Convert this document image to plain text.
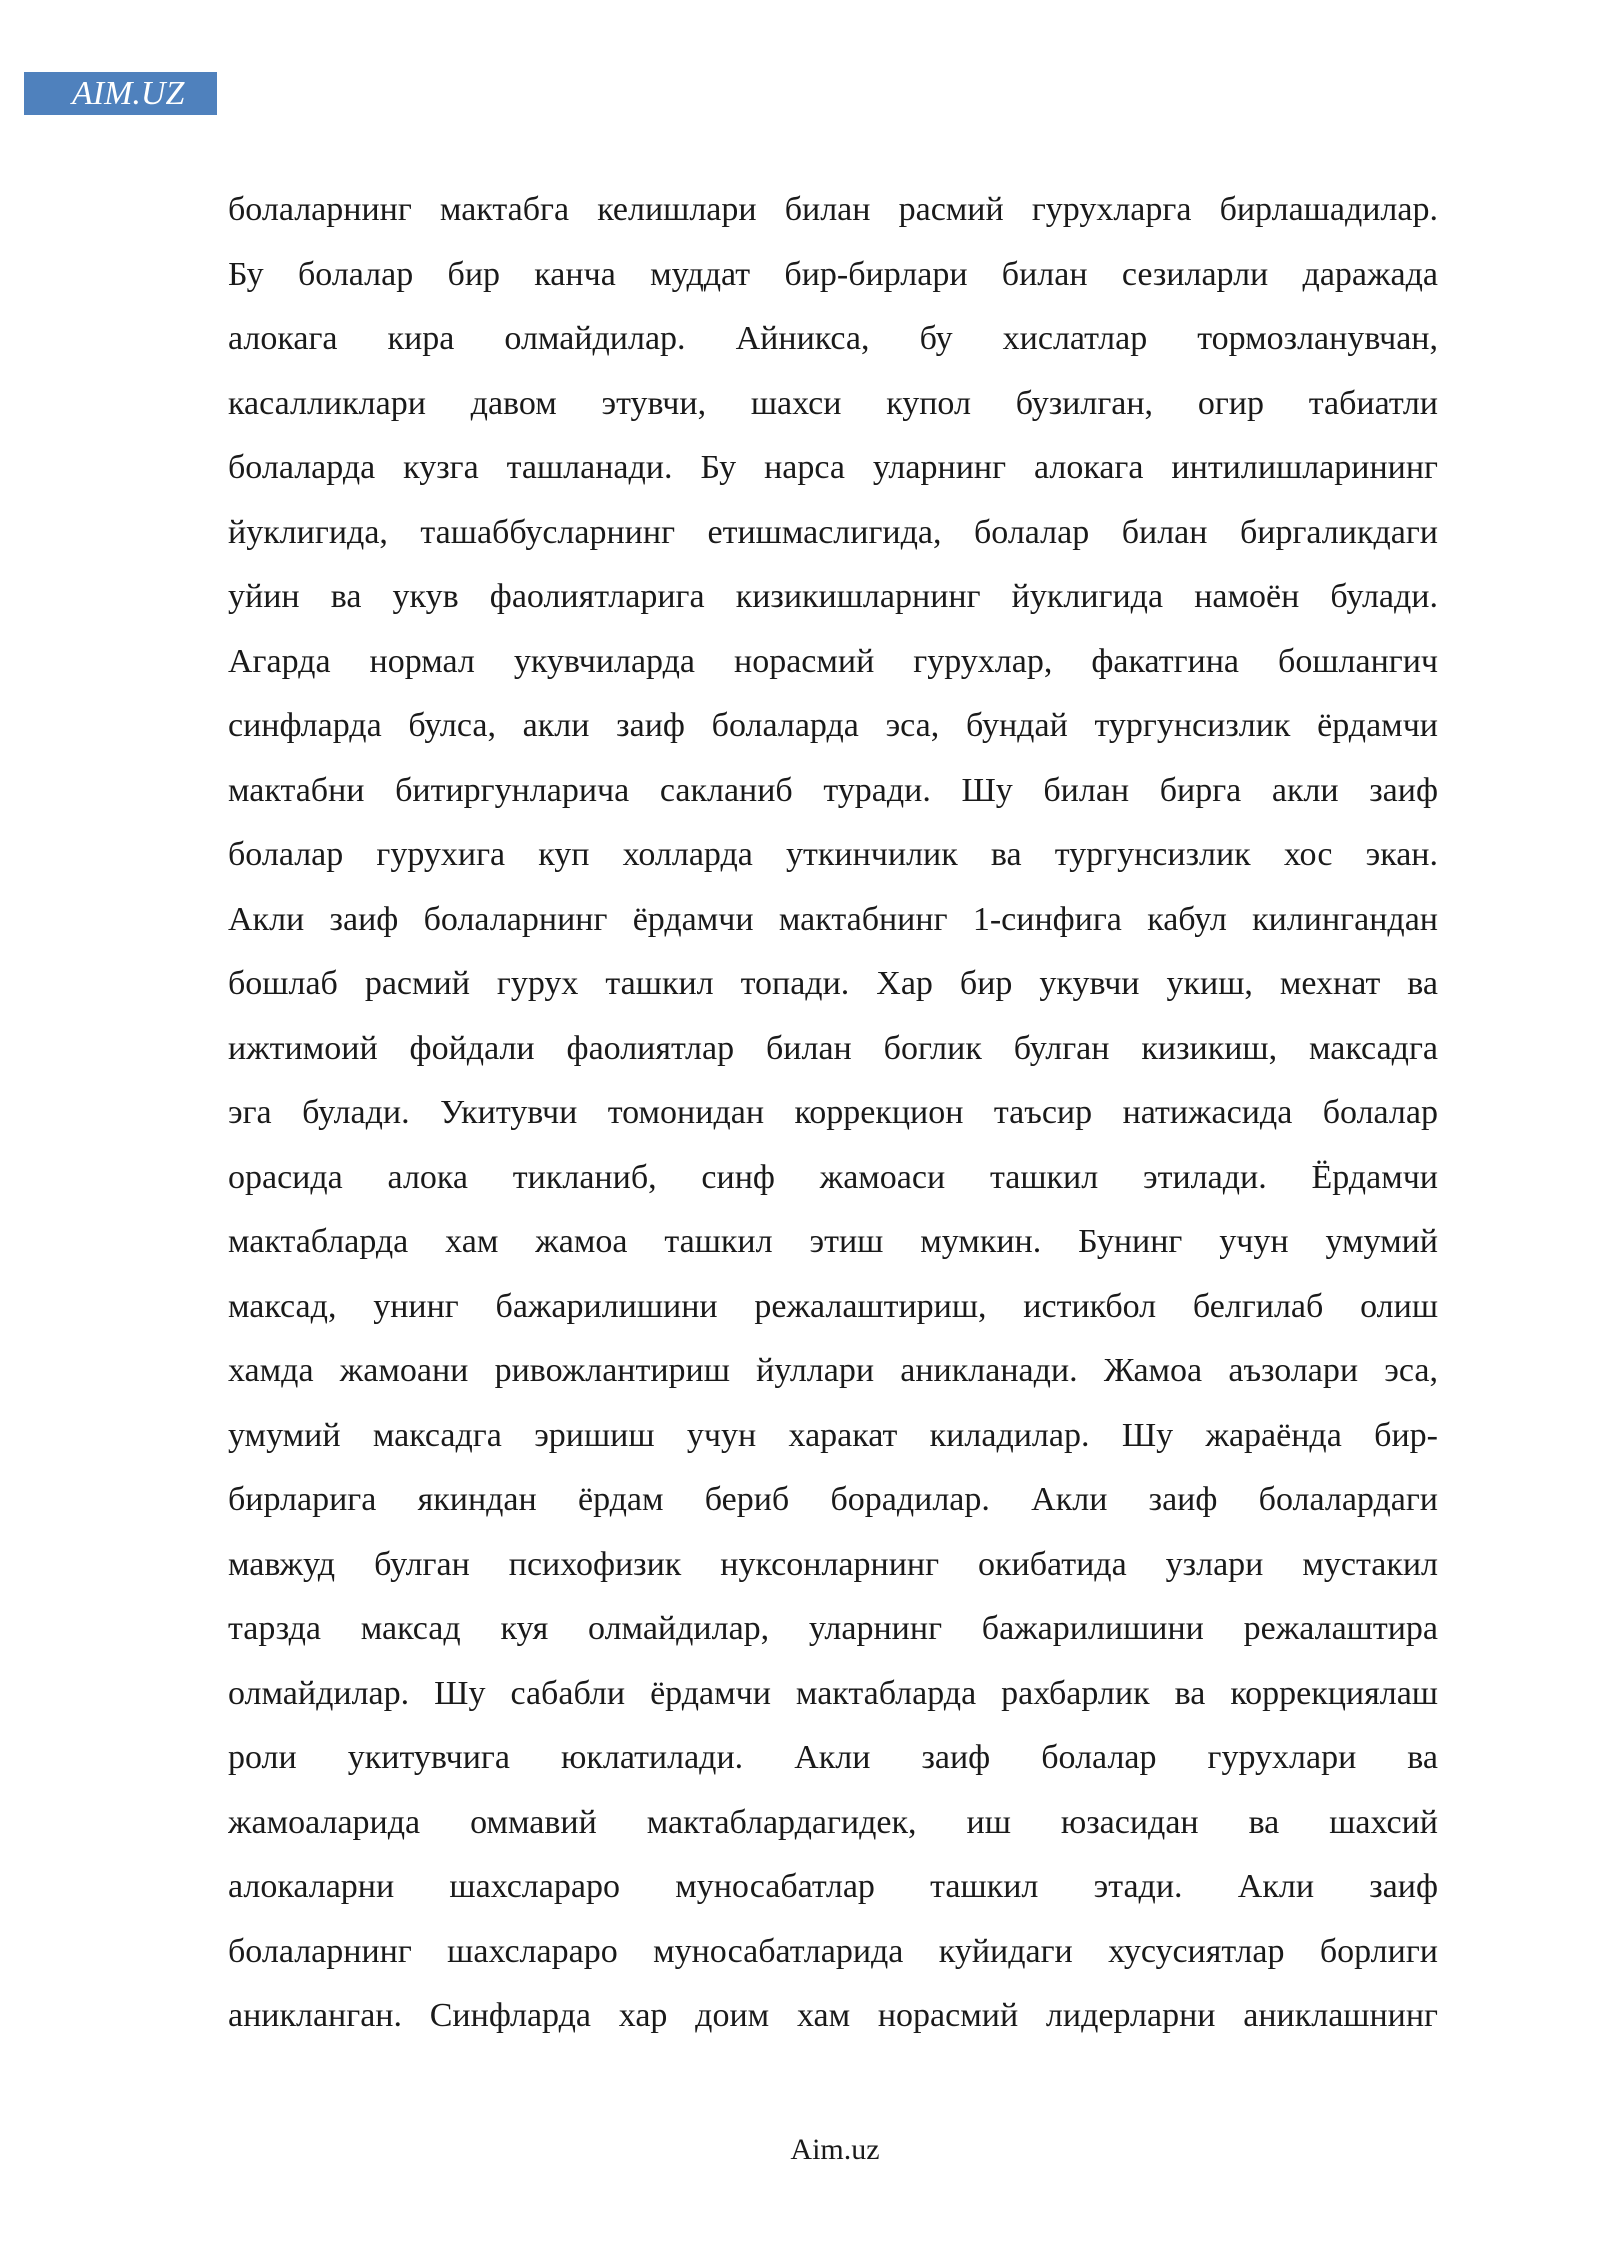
AIM.UZ
болаларнинг мактабга келишлари билан расмий гурухларга бирлашадилар.
Бу болалар бир канча муддат бир-бирлари билан сезиларли даражада
алокага кира олмайдилар. Айникса, бу хислатлар тормозланувчан,
касалликлари давом этувчи, шахси купол бузилган, огир табиатли
болаларда кузга ташланади. Бу нарса уларнинг алокага интилишларининг
йуклигида, ташаббусларнинг етишмаслигида, болалар билан биргаликдаги
уйин ва укув фаолиятларига кизикишларнинг йуклигида намоён булади.
Агарда нормал укувчиларда норасмий гурухлар, факатгина бошлангич
синфларда булса, акли заиф болаларда эса, бундай тургунсизлик ёрдамчи
мактабни битиргунларича сакланиб туради. Шу билан бирга акли заиф
болалар гурухига куп холларда уткинчилик ва тургунсизлик хос экан.
Акли заиф болаларнинг ёрдамчи мактабнинг 1-синфига кабул килингандан
бошлаб расмий гурух ташкил топади. Хар бир укувчи укиш, мехнат ва
ижтимоий фойдали фаолиятлар билан боглик булган кизикиш, максадга
эга булади. Укитувчи томонидан коррекцион таъсир натижасида болалар
орасида алока тикланиб, синф жамоаси ташкил этилади. Ёрдамчи
мактабларда хам жамоа ташкил этиш мумкин. Бунинг учун умумий
максад, унинг бажарилишини режалаштириш, истикбол белгилаб олиш
хамда жамоани ривожлантириш йуллари аникланади. Жамоа аъзолари эса,
умумий максадга эришиш учун харакат киладилар. Шу жараёнда бир-
бирларига якиндан ёрдам бериб борадилар. Акли заиф болалардаги
мавжуд булган психофизик нуксонларнинг окибатида узлари мустакил
тарзда максад куя олмайдилар, уларнинг бажарилишини режалаштира
олмайдилар. Шу сабабли ёрдамчи мактабларда рахбарлик ва коррекциялаш
роли укитувчига юклатилади. Акли заиф болалар гурухлари ва
жамоаларида оммавий мактаблардагидек, иш юзасидан ва шахсий
алокаларни шахслараро муносабатлар ташкил этади. Акли заиф
болаларнинг шахслараро муносабатларида куйидаги хусусиятлар борлиги
аникланган. Синфларда хар доим хам норасмий лидерларни аниклашнинг
Aim.uz
